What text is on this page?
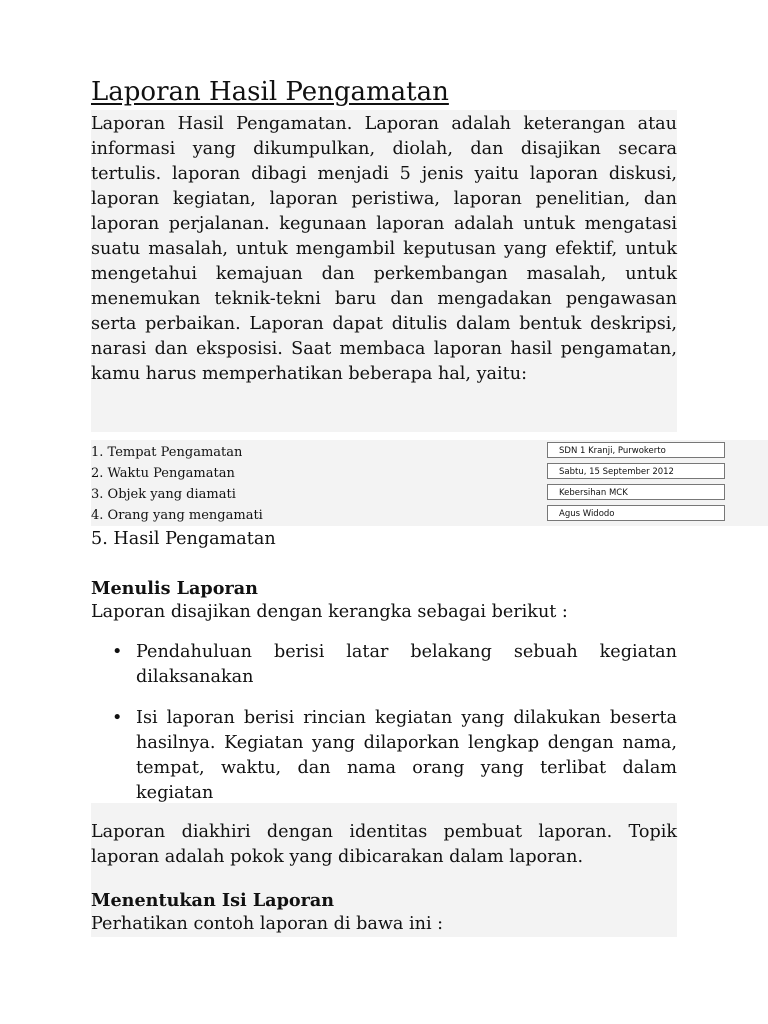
Laporan Hasil Pengamatan

Laporan Hasil Pengamatan. Laporan adalah keterangan atau informasi yang dikumpulkan, diolah, dan disajikan secara tertulis. laporan dibagi menjadi 5 jenis yaitu laporan diskusi, laporan kegiatan, laporan peristiwa, laporan penelitian, dan laporan perjalanan. kegunaan laporan adalah untuk mengatasi suatu masalah, untuk mengambil keputusan yang efektif, untuk mengetahui kemajuan dan perkembangan masalah, untuk menemukan teknik-tekni baru dan mengadakan pengawasan serta perbaikan. Laporan dapat ditulis dalam bentuk deskripsi, narasi dan eksposisi. Saat membaca laporan hasil pengamatan, kamu harus memperhatikan beberapa hal, yaitu:

1. Tempat Pengamatan
2. Waktu Pengamatan
3. Objek yang diamati
4. Orang yang mengamati
SDN 1 Kranji, Purwokerto
Sabtu, 15 September 2012
Kebersihan MCK
Agus Widodo
5. Hasil Pengamatan
Menulis Laporan
Laporan disajikan dengan kerangka sebagai berikut :
• Pendahuluan berisi latar belakang sebuah kegiatan dilaksanakan

• Isi laporan berisi rincian kegiatan yang dilakukan beserta hasilnya. Kegiatan yang dilaporkan lengkap dengan nama, tempat, waktu, dan nama orang yang terlibat dalam kegiatan

Laporan diakhiri dengan identitas pembuat laporan. Topik laporan adalah pokok yang dibicarakan dalam laporan.

Menentukan Isi Laporan
Perhatikan contoh laporan di bawa ini :
